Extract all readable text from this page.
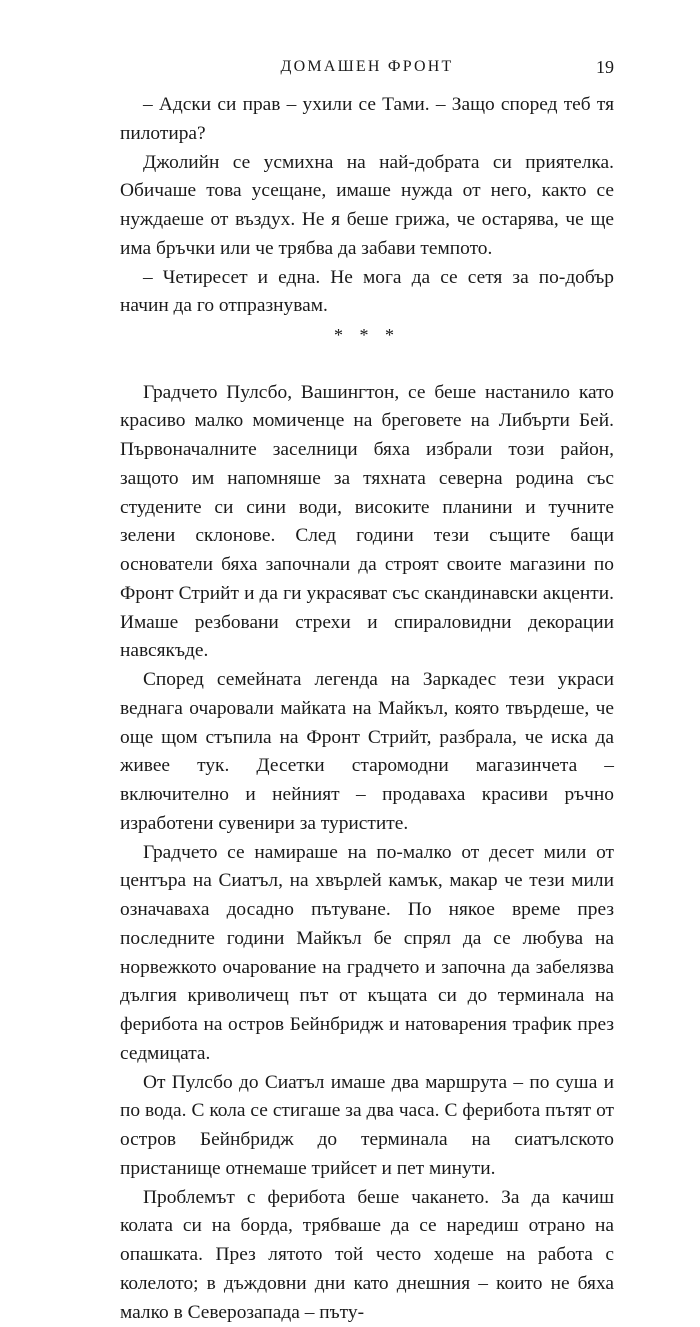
ДОМАШЕН ФРОНТ	19

– Адски си прав – ухили се Тами. – Защо според теб тя пилотира?

Джолийн се усмихна на най-добрата си приятелка. Обичаше това усещане, имаше нужда от него, както се нуждаеше от въздух. Не я беше грижа, че остарява, че ще има бръчки или че трябва да забави темпото.

– Четиресет и една. Не мога да се сетя за по-добър начин да го отпразнувам.

* * *

Градчето Пулсбо, Вашингтон, се беше настанило като красиво малко момиченце на бреговете на Либърти Бей. Първоначалните заселници бяха избрали този район, защото им напомняше за тяхната северна родина със студените си сини води, високите планини и тучните зелени склонове. След години тези същите бащи основатели бяха започнали да строят своите магазини по Фронт Стрийт и да ги украсяват със скандинавски акценти. Имаше резбовани стрехи и спираловидни декорации навсякъде.

Според семейната легенда на Заркадес тези украси веднага очаровали майката на Майкъл, която твърдеше, че още щом стъпила на Фронт Стрийт, разбрала, че иска да живее тук. Десетки старомодни магазинчета – включително и нейният – продаваха красиви ръчно изработени сувенири за туристите.

Градчето се намираше на по-малко от десет мили от центъра на Сиатъл, на хвърлей камък, макар че тези мили означаваха досадно пътуване. По някое време през последните години Майкъл бе спрял да се любува на норвежкото очарование на градчето и започна да забелязва дългия криволичещ път от къщата си до терминала на ферибота на остров Бейнбридж и натоварения трафик през седмицата.

От Пулсбо до Сиатъл имаше два маршрута – по суша и по вода. С кола се стигаше за два часа. С ферибота пътят от остров Бейнбридж до терминала на сиатълското пристанище отнемаше трийсет и пет минути.

Проблемът с ферибота беше чакането. За да качиш колата си на борда, трябваше да се наредиш отрано на опашката. През лятото той често ходеше на работа с колелото; в дъждовни дни като днешния – които не бяха малко в Северозапада – пъту-
